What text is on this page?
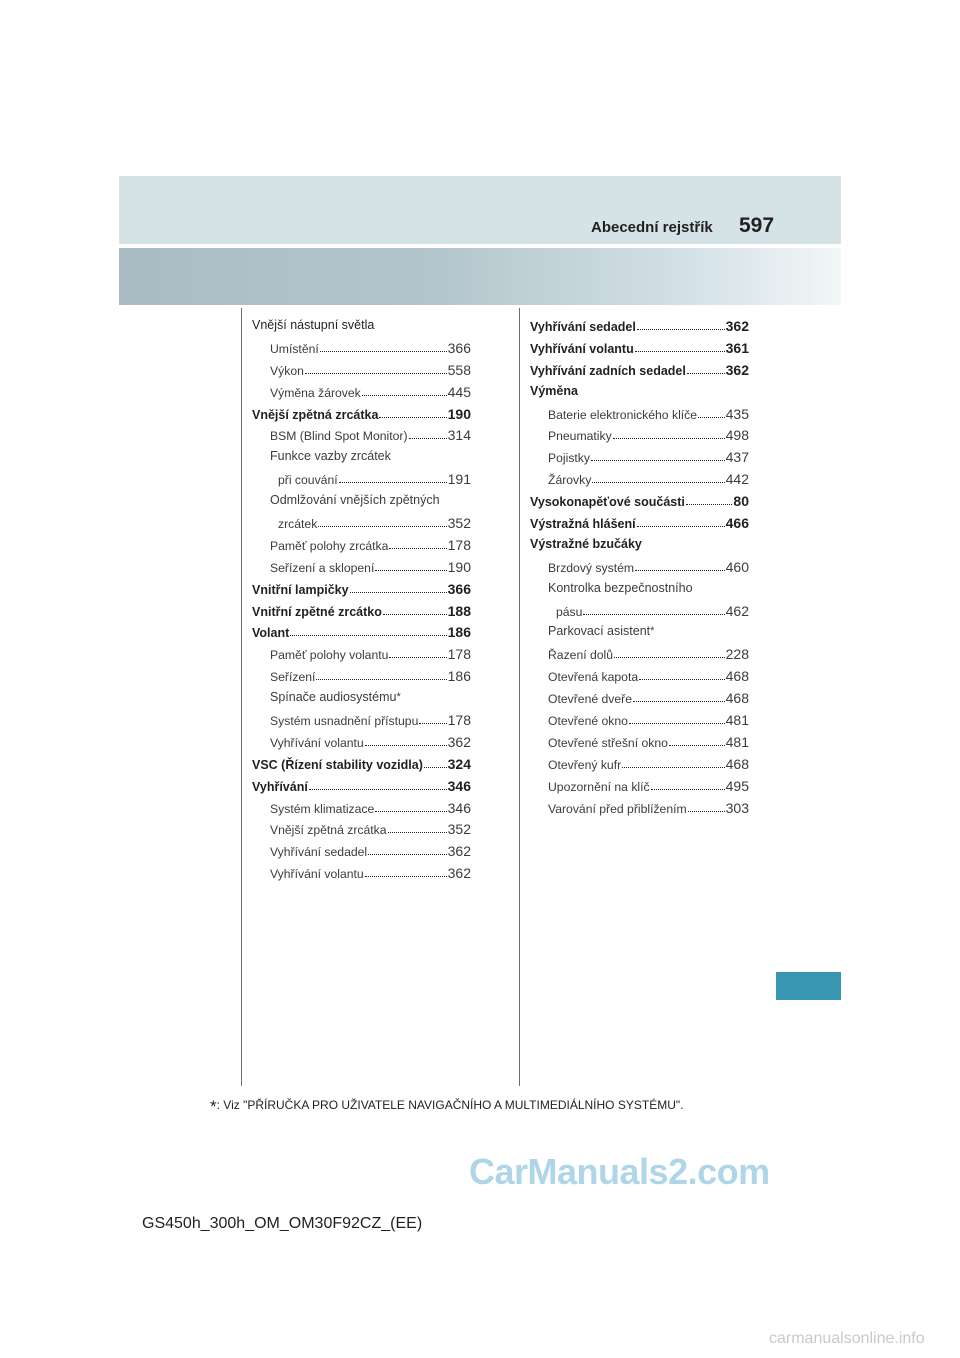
Abecední rejstřík 597
Vnější nástupní světla
Umístění	366
Výkon	558
Výměna žárovek	445
Vnější zpětná zrcátka	190
BSM (Blind Spot Monitor)	314
Funkce vazby zrcátek
při couvání	191
Odmlžování vnějších zpětných
zrcátek	352
Paměť polohy zrcátka	178
Seřízení a sklopení	190
Vnitřní lampičky	366
Vnitřní zpětné zrcátko	188
Volant	186
Paměť polohy volantu	178
Seřízení	186
Spínače audiosystému*
Systém usnadnění přístupu 178
Vyhřívání volantu	362
VSC (Řízení stability vozidla) 324
Vyhřívání	346
Systém klimatizace	346
Vnější zpětná zrcátka	352
Vyhřívání sedadel	362
Vyhřívání volantu	362
Vyhřívání sedadel	362
Vyhřívání volantu	361
Vyhřívání zadních sedadel	362
Výměna
Baterie elektronického klíče 435
Pneumatiky	498
Pojistky	437
Žárovky	442
Vysokonapěťové součásti	80
Výstražná hlášení	466
Výstražné bzučáky
Brzdový systém	460
Kontrolka bezpečnostního
pásu	462
Parkovací asistent*
Řazení dolů	228
Otevřená kapota	468
Otevřené dveře	468
Otevřené okno	481
Otevřené střešní okno	481
Otevřený kufr	468
Upozornění na klíč	495
Varování před přiblížením	303
*: Viz "PŘÍRUČKA PRO UŽIVATELE NAVIGAČNÍHO A MULTIMEDIÁLNÍHO SYSTÉMU".
CarManuals2.com
GS450h_300h_OM_OM30F92CZ_(EE)
carmanualsonline.info
